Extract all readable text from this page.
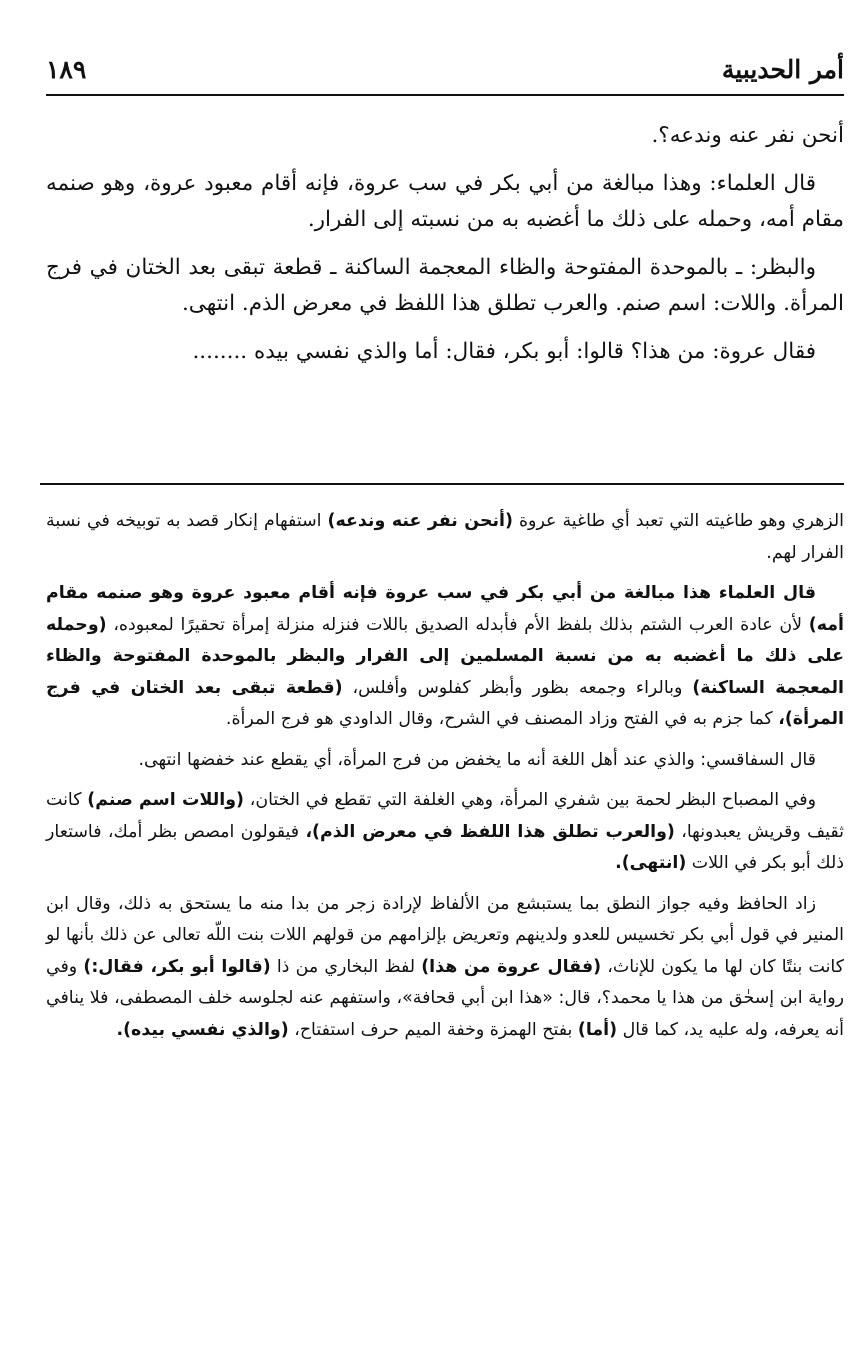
أمر الحديبية
١٨٩

أنحن نفر عنه وندعه؟.

قال العلماء: وهذا مبالغة من أبي بكر في سب عروة، فإنه أقام معبود عروة، وهو صنمه مقام أمه، وحمله على ذلك ما أغضبه به من نسبته إلى الفرار.

والبظر: ـ بالموحدة المفتوحة والظاء المعجمة الساكنة ـ قطعة تبقى بعد الختان في فرج المرأة. واللات: اسم صنم. والعرب تطلق هذا اللفظ في معرض الذم. انتهى.

فقال عروة: من هذا؟ قالوا: أبو بكر، فقال: أما والذي نفسي بيده ........

الزهري وهو طاغيته التي تعبد أي طاغية عروة (أنحن نفر عنه وندعه) استفهام إنكار قصد به توبيخه في نسبة الفرار لهم.

قال العلماء هذا مبالغة من أبي بكر في سب عروة فإنه أقام معبود عروة وهو صنمه مقام أمه) لأن عادة العرب الشتم بذلك بلفظ الأم فأبدله الصديق باللات فنزله منزلة إمرأة تحقيرًا لمعبوده، (وحمله على ذلك ما أغضبه به من نسبة المسلمين إلى الفرار والبظر بالموحدة المفتوحة والظاء المعجمة الساكنة) وبالراء وجمعه بظور وأبظر كفلوس وأفلس، (قطعة تبقى بعد الختان في فرج المرأة)، كما جزم به في الفتح وزاد المصنف في الشرح، وقال الداودي هو فرج المرأة.

قال السفاقسي: والذي عند أهل اللغة أنه ما يخفض من فرج المرأة، أي يقطع عند خفضها انتهى.

وفي المصباح البظر لحمة بين شفري المرأة، وهي الغلفة التي تقطع في الختان، (واللات اسم صنم) كانت ثقيف وقريش يعبدونها، (والعرب تطلق هذا اللفظ في معرض الذم)، فيقولون امصص بظر أمك، فاستعار ذلك أبو بكر في اللات (انتهى).

زاد الحافظ وفيه جواز النطق بما يستبشع من الألفاظ لإرادة زجر من بدا منه ما يستحق به ذلك، وقال ابن المنير في قول أبي بكر تخسيس للعدو ولدينهم وتعريض بإلزامهم من قولهم اللات بنت اللّه تعالى عن ذلك بأنها لو كانت بنتًا كان لها ما يكون للإناث، (فقال عروة من هذا) لفظ البخاري من ذا (قالوا أبو بكر، فقال:) وفي رواية ابن إسحٰق من هذا يا محمد؟، قال: «هذا ابن أبي قحافة»، واستفهم عنه لجلوسه خلف المصطفى، فلا ينافي أنه يعرفه، وله عليه يد، كما قال (أما) بفتح الهمزة وخفة الميم حرف استفتاح، (والذي نفسي بيده).
